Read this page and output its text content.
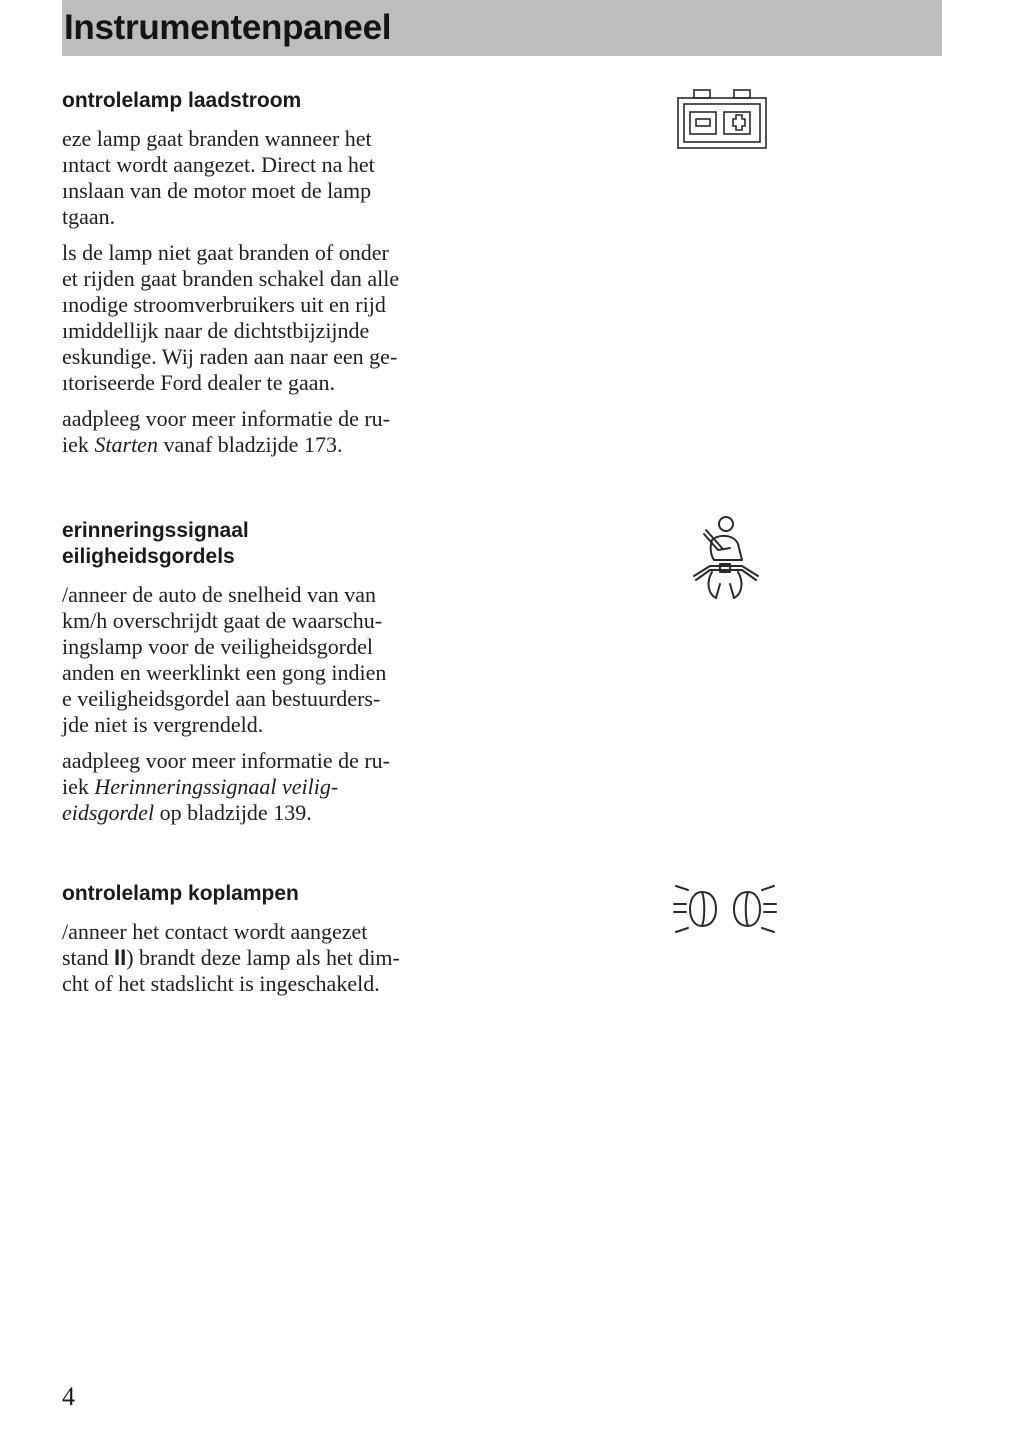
Instrumentenpaneel
ontrolelamp laadstroom

eze lamp gaat branden wanneer het
ıntact wordt aangezet. Direct na het
ınslaan van de motor moet de lamp
tgaan.

ls de lamp niet gaat branden of onder
et rijden gaat branden schakel dan alle
ınodige stroomverbruikers uit en rijd
ımiddellijk naar de dichtstbijzijnde
eskundige. Wij raden aan naar een ge-
ıtoriseerde Ford dealer te gaan.

aadpleeg voor meer informatie de ru-
iek Starten vanaf bladzijde 173.

erinneringssignaal
eiligheidsgordels

/anneer de auto de snelheid van van
km/h overschrijdt gaat de waarschu-
ingslamp voor de veiligheidsgordel
anden en weerklinkt een gong indien
e veiligheidsgordel aan bestuurders-
jde niet is vergrendeld.

aadpleeg voor meer informatie de ru-
iek Herinneringssignaal veilig-
eidsgordel op bladzijde 139.

ontrolelamp koplampen

/anneer het contact wordt aangezet
stand II) brandt deze lamp als het dim-
cht of het stadslicht is ingeschakeld.

4
